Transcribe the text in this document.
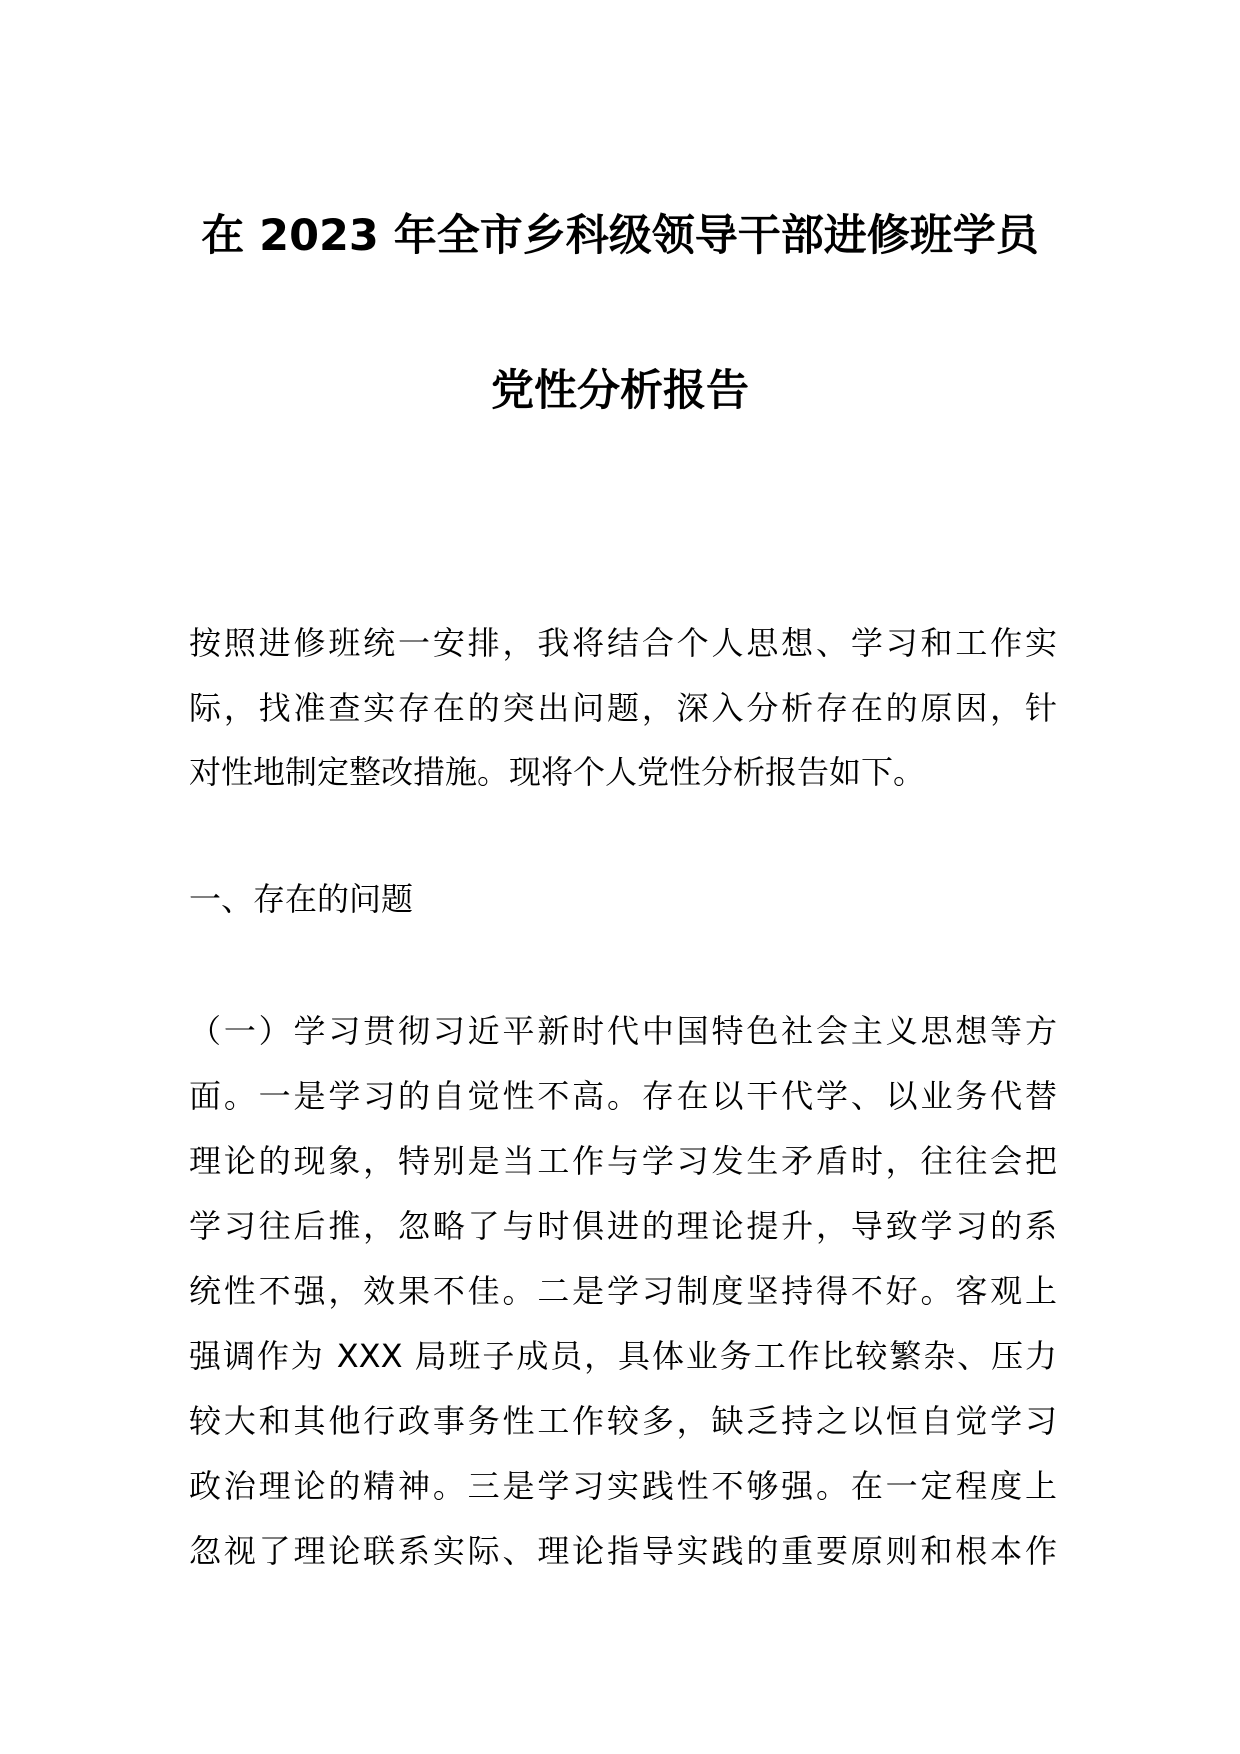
在 2023 年全市乡科级领导干部进修班学员
党性分析报告
按照进修班统一安排，我将结合个人思想、学习和工作实
际，找准查实存在的突出问题，深入分析存在的原因，针
对性地制定整改措施。现将个人党性分析报告如下。
一、存在的问题
（一）学习贯彻习近平新时代中国特色社会主义思想等方
面。一是学习的自觉性不高。存在以干代学、以业务代替
理论的现象，特别是当工作与学习发生矛盾时，往往会把
学习往后推，忽略了与时俱进的理论提升，导致学习的系
统性不强，效果不佳。二是学习制度坚持得不好。客观上
强调作为 XXX 局班子成员，具体业务工作比较繁杂、压力
较大和其他行政事务性工作较多，缺乏持之以恒自觉学习
政治理论的精神。三是学习实践性不够强。在一定程度上
忽视了理论联系实际、理论指导实践的重要原则和根本作
